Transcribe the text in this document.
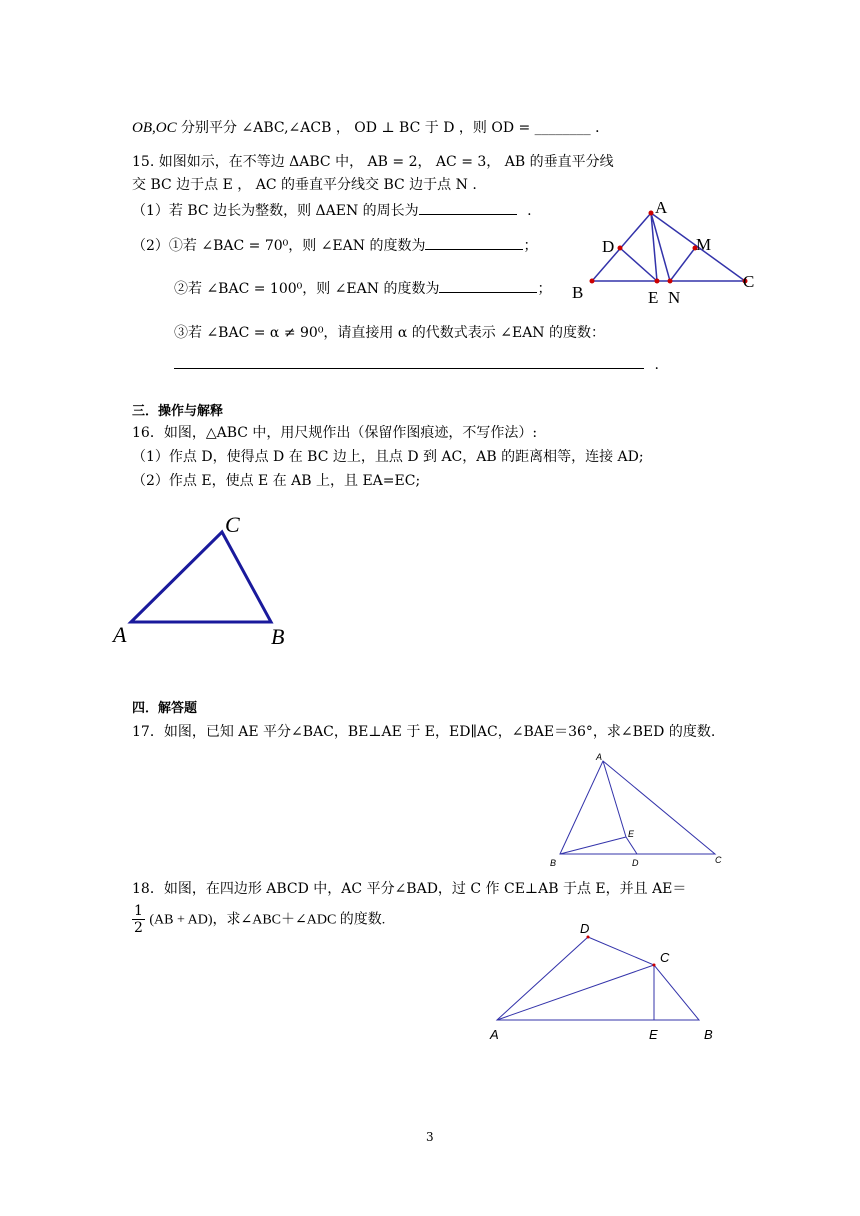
OB,OC 分别平分 ∠ABC,∠ACB ， OD ⊥ BC 于 D ，则 OD = ________ ．
15. 如图如示，在不等边 ΔABC 中， AB = 2， AC = 3， AB 的垂直平分线
交 BC 边于点 E ， AC 的垂直平分线交 BC 边于点 N .
（1）若 BC 边长为整数，则 ΔAEN 的周长为	.
（2）①若 ∠BAC = 70⁰，则 ∠EAN 的度数为	；
②若 ∠BAC = 100⁰，则 ∠EAN 的度数为	；
③若 ∠BAC = α ≠ 90⁰，请直接用 α 的代数式表示 ∠EAN 的度数：
.
A
B
C
D
E
M
N
三．操作与解释
16．如图，△ABC 中，用尺规作出（保留作图痕迹，不写作法）:
（1）作点 D，使得点 D 在 BC 边上，且点 D 到 AC，AB 的距离相等，连接 AD;
（2）作点 E，使点 E 在 AB 上，且 EA=EC;
C
A	B
四．解答题
17．如图，已知 AE 平分∠BAC，BE⊥AE 于 E，ED∥AC，∠BAE＝36°，求∠BED 的度数.
A
B	C
D
E
18．如图，在四边形 ABCD 中，AC 平分∠BAD，过 C 作 CE⊥AB 于点 E，并且 AE＝
$\frac{1}{2} (AB + AD)$，求∠ABC＋∠ADC 的度数.
A	B
C
D
E
3
